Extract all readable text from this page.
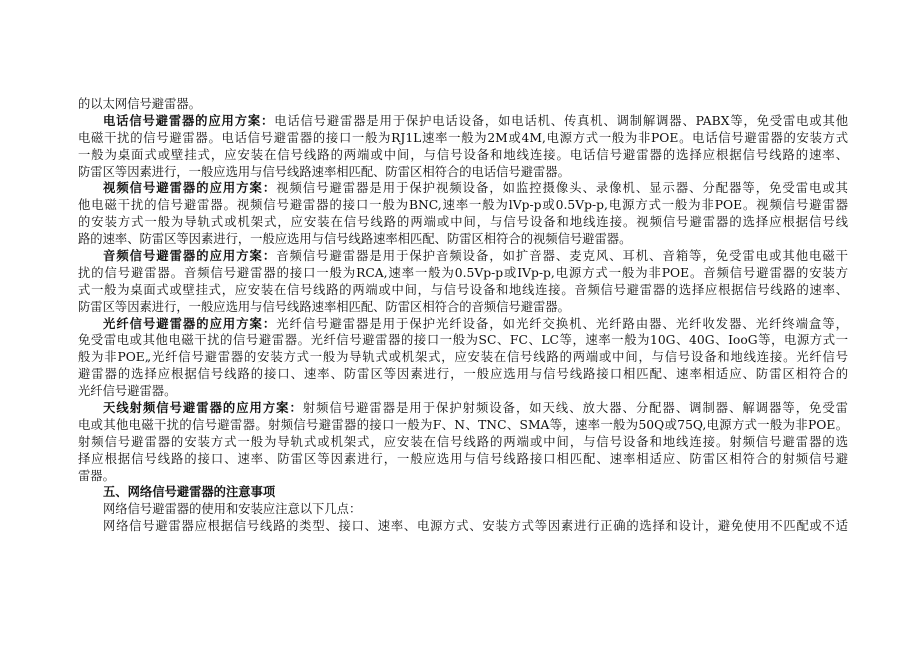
的以太网信号避雷器。
电话信号避雷器的应用方案：电话信号避雷器是用于保护电话设备，如电话机、传真机、调制解调器、PABX等，免受雷电或其他
电磁干扰的信号避雷器。电话信号避雷器的接口一般为RJ1L速率一般为2M或4M,电源方式一般为非POE。电话信号避雷器的安装方式
一般为桌面式或壁挂式，应安装在信号线路的两端或中间，与信号设备和地线连接。电话信号避雷器的选择应根据信号线路的速率、
防雷区等因素进行，一般应选用与信号线路速率相匹配、防雷区相符合的电话信号避雷器。
视频信号避雷器的应用方案：视频信号避雷器是用于保护视频设备，如监控摄像头、录像机、显示器、分配器等，免受雷电或其
他电磁干扰的信号避雷器。视频信号避雷器的接口一般为BNC,速率一般为lVp-p或0.5Vp-p,电源方式一般为非POE。视频信号避雷器
的安装方式一般为导轨式或机架式，应安装在信号线路的两端或中间，与信号设备和地线连接。视频信号避雷器的选择应根据信号线
路的速率、防雷区等因素进行，一般应选用与信号线路速率相匹配、防雷区相符合的视频信号避雷器。
音频信号避雷器的应用方案：音频信号避雷器是用于保护音频设备，如扩音器、麦克风、耳机、音箱等，免受雷电或其他电磁干
扰的信号避雷器。音频信号避雷器的接口一般为RCA,速率一般为0.5Vp-p或IVp-p,电源方式一般为非POE。音频信号避雷器的安装方
式一般为桌面式或壁挂式，应安装在信号线路的两端或中间，与信号设备和地线连接。音频信号避雷器的选择应根据信号线路的速率、
防雷区等因素进行，一般应选用与信号线路速率相匹配、防雷区相符合的音频信号避雷器。
光纤信号避雷器的应用方案：光纤信号避雷器是用于保护光纤设备，如光纤交换机、光纤路由器、光纤收发器、光纤终端盒等，
免受雷电或其他电磁干扰的信号避雷器。光纤信号避雷器的接口一般为SC、FC、LC等，速率一般为10G、40G、IooG等，电源方式一
般为非POE„光纤信号避雷器的安装方式一般为导轨式或机架式，应安装在信号线路的两端或中间，与信号设备和地线连接。光纤信号
避雷器的选择应根据信号线路的接口、速率、防雷区等因素进行，一般应选用与信号线路接口相匹配、速率相适应、防雷区相符合的
光纤信号避雷器。
天线射频信号避雷器的应用方案：射频信号避雷器是用于保护射频设备，如天线、放大器、分配器、调制器、解调器等，免受雷
电或其他电磁干扰的信号避雷器。射频信号避雷器的接口一般为F、N、TNC、SMA等，速率一般为50Q或75Q,电源方式一般为非POE。
射频信号避雷器的安装方式一般为导轨式或机架式，应安装在信号线路的两端或中间，与信号设备和地线连接。射频信号避雷器的选
择应根据信号线路的接口、速率、防雷区等因素进行，一般应选用与信号线路接口相匹配、速率相适应、防雷区相符合的射频信号避
雷器。
五、网络信号避雷器的注意事项
网络信号避雷器的使用和安装应注意以下几点：
网络信号避雷器应根据信号线路的类型、接口、速率、电源方式、安装方式等因素进行正确的选择和设计，避免使用不匹配或不适
